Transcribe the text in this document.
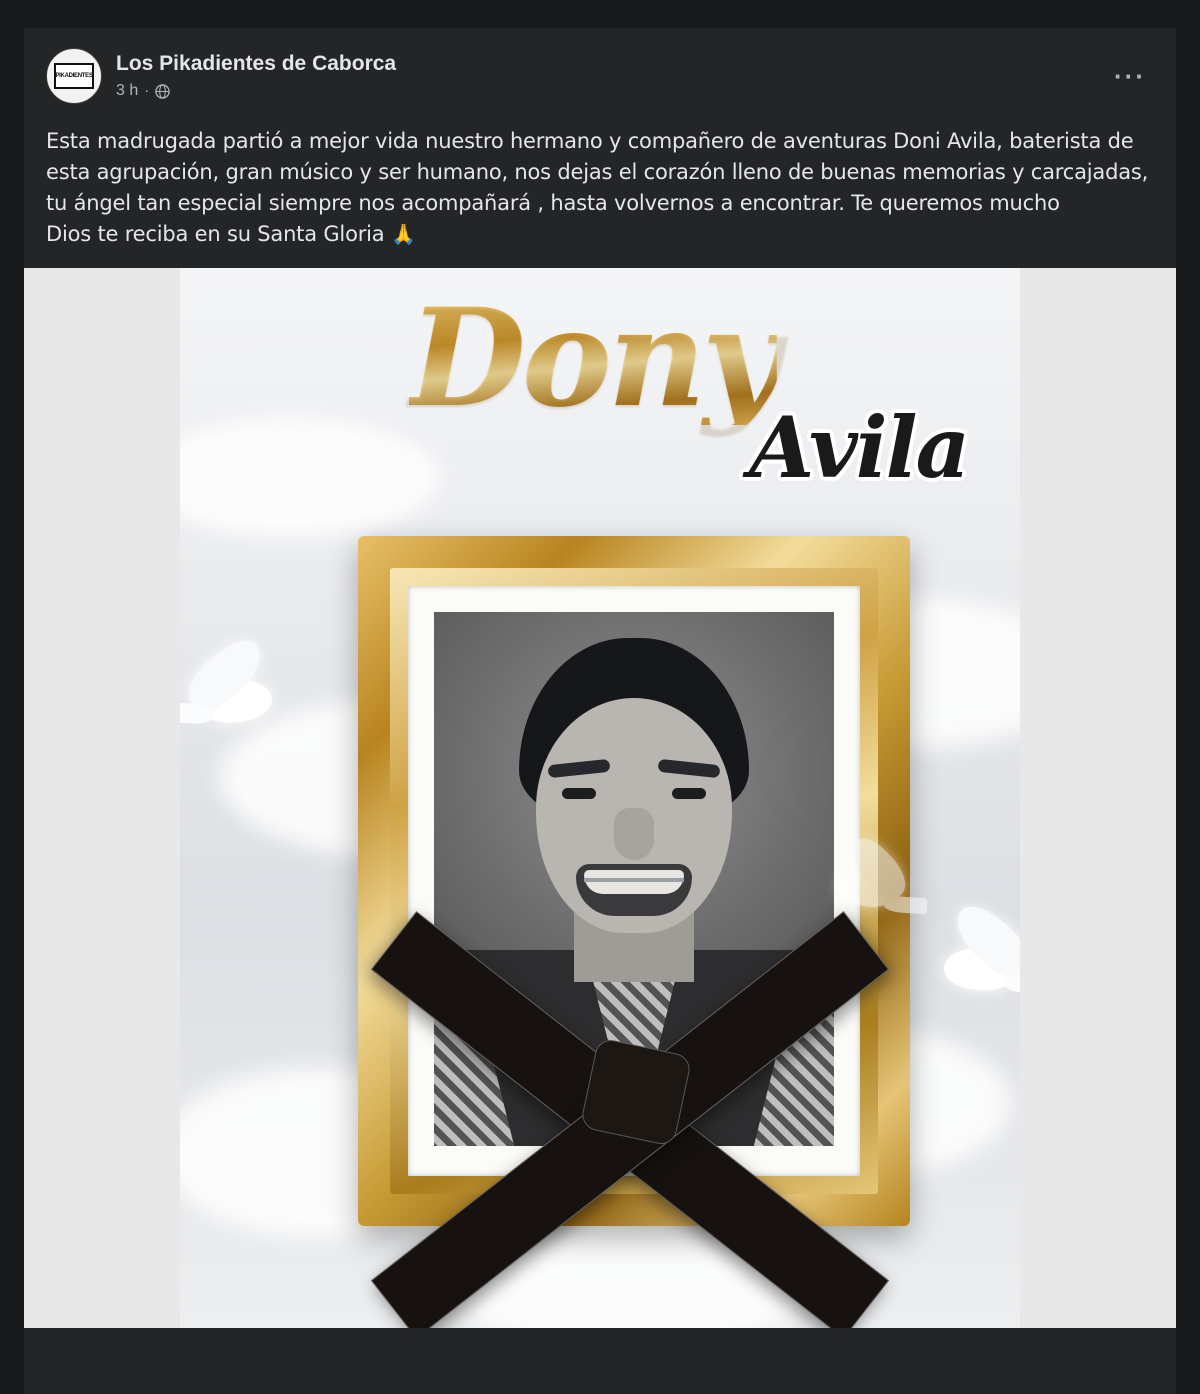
PIKADIENTES
Los Pikadientes de Caborca
3 h ·	···
Esta madrugada partió a mejor vida nuestro hermano y compañero de aventuras Doni Avila, baterista de esta agrupación, gran músico y ser humano, nos dejas el corazón lleno de buenas memorias y carcajadas, tu ángel tan especial siempre nos acompañará , hasta volvernos a encontrar. Te queremos mucho

Dios te reciba en su Santa Gloria 🙏
Dony
Avila
